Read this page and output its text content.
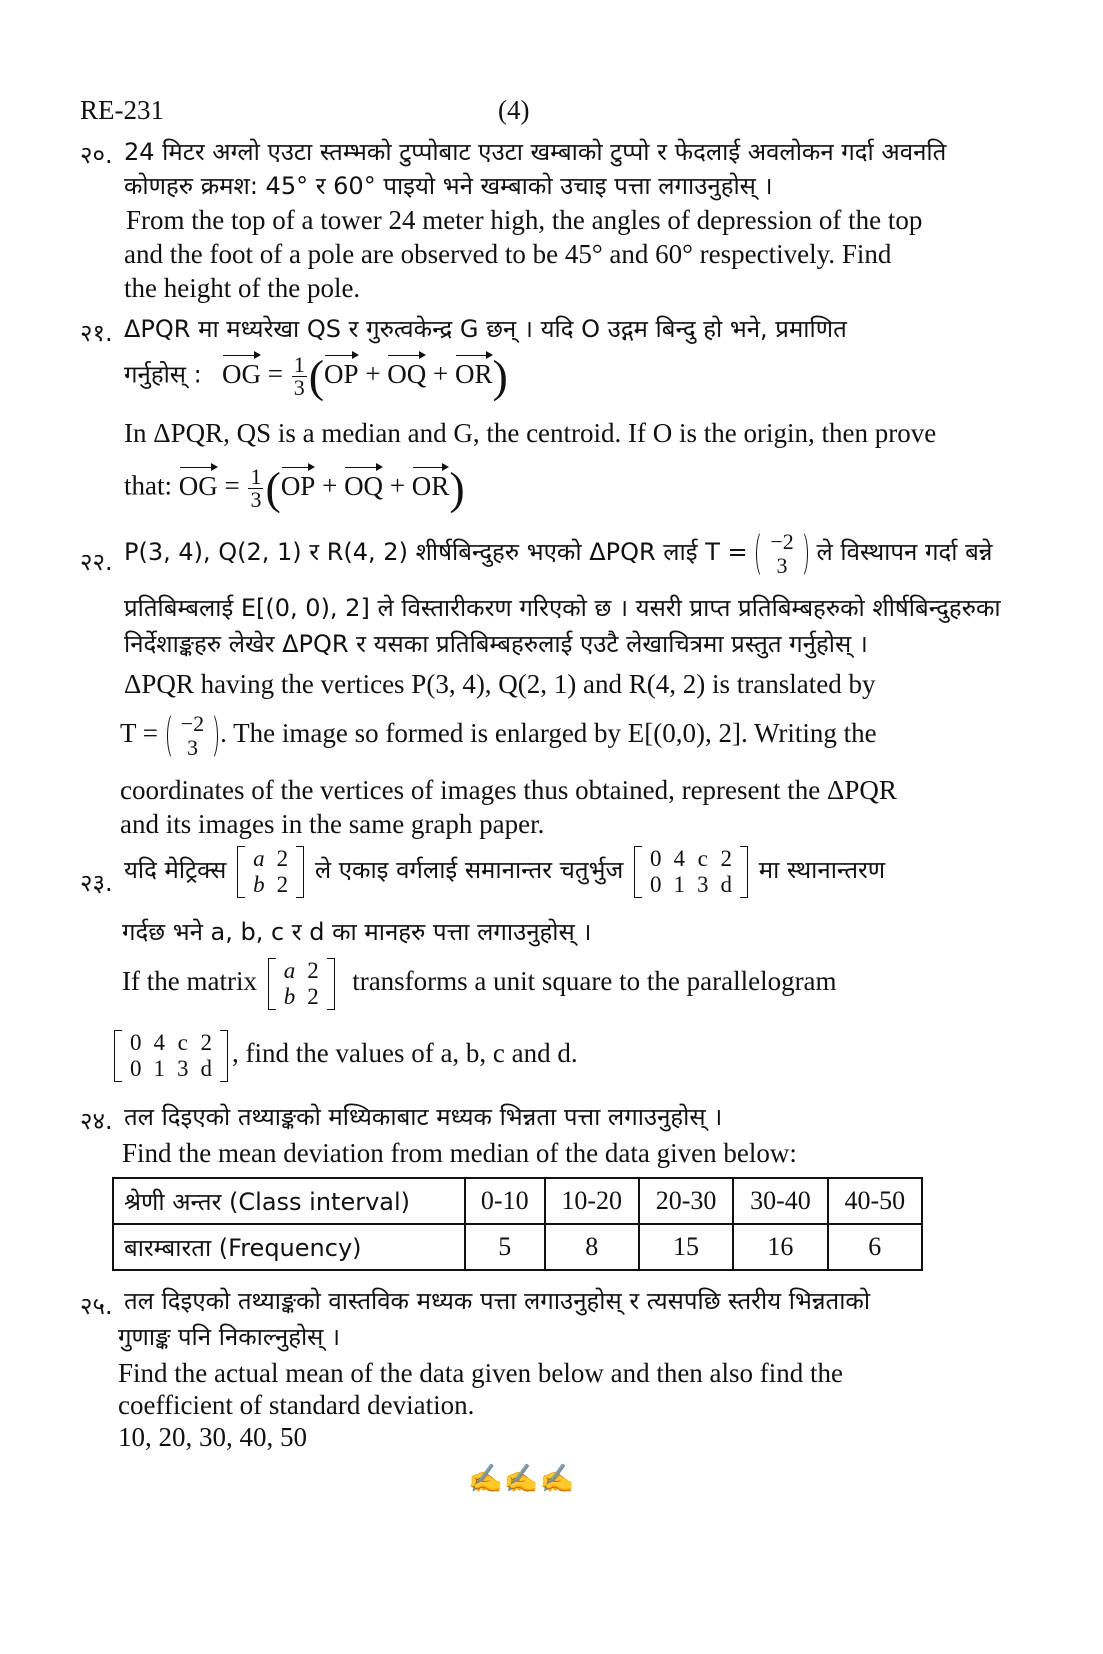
RE-231	(4)
२०. 24 मिटर अग्लो एउटा स्तम्भको टुप्पोबाट एउटा खम्बाको टुप्पो र फेदलाई अवलोकन गर्दा अवनति
कोणहरु क्रमश: 45° र 60° पाइयो भने खम्बाको उचाइ पत्ता लगाउनुहोस् ।
From the top of a tower 24 meter high, the angles of depression of the top
and the foot of a pole are observed to be 45° and 60° respectively. Find
the height of the pole.
२१. ΔPQR मा मध्यरेखा QS र गुरुत्वकेन्द्र G छन् । यदि O उद्गम बिन्दु हो भने, प्रमाणित
गर्नुहोस् : OG = $\frac{1}{3} (OP$ + OQ + OR)
In ΔPQR, QS is a median and G, the centroid. If O is the origin, then prove
that: OG = $\frac{1}{3} (OP$ + OQ + OR)
२२. P(3, 4), Q(2, 1) र R(4, 2) शीर्षबिन्दुहरु भएको ΔPQR लाई T = −2
3 ले विस्थापन गर्दा बन्ने
प्रतिबिम्बलाई E[(0, 0), 2] ले विस्तारीकरण गरिएको छ । यसरी प्राप्त प्रतिबिम्बहरुको शीर्षबिन्दुहरुका
निर्देशाङ्कहरु लेखेर ΔPQR र यसका प्रतिबिम्बहरुलाई एउटै लेखाचित्रमा प्रस्तुत गर्नुहोस् ।
ΔPQR having the vertices P(3, 4), Q(2, 1) and R(4, 2) is translated by
T = −2
3 . The image so formed is enlarged by E[(0,0), 2]. Writing the
coordinates of the vertices of images thus obtained, represent the ΔPQR
and its images in the same graph paper.
२३. यदि मेट्रिक्स a	2
b	2
ले एकाइ वर्गलाई समानान्तर चतुर्भुज 0	4	c	2
0	1	3	d
मा स्थानान्तरण
गर्दछ भने a, b, c र d का मानहरु पत्ता लगाउनुहोस् ।
If the matrix a	2
b	2
transforms a unit square to the parallelogram
0	4	c	2
0	1	3	d
, find the values of a, b, c and d.
२४. तल दिइएको तथ्याङ्कको मध्यिकाबाट मध्यक भिन्नता पत्ता लगाउनुहोस् ।
Find the mean deviation from median of the data given below:
श्रेणी अन्तर (Class interval)	0-10	10-20	20-30	30-40	40-50
बारम्बारता (Frequency)	5	8	15	16	6
२५. तल दिइएको तथ्याङ्कको वास्तविक मध्यक पत्ता लगाउनुहोस् र त्यसपछि स्तरीय भिन्नताको
गुणाङ्क पनि निकाल्नुहोस् ।
Find the actual mean of the data given below and then also find the
coefficient of standard deviation.
10, 20, 30, 40, 50
✍✍✍
